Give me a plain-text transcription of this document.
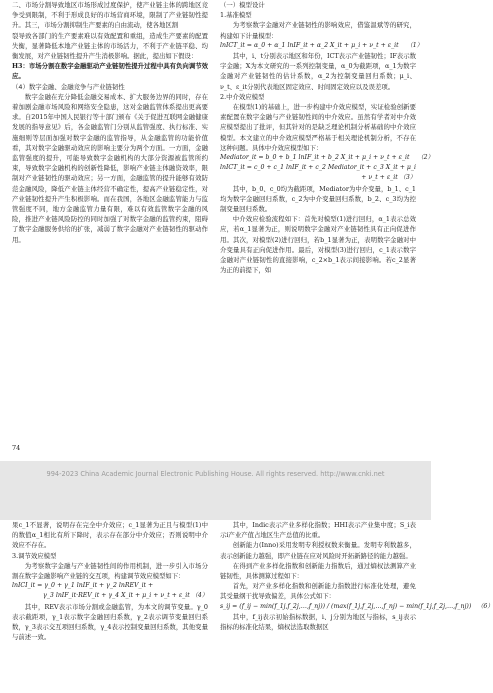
二、市场分割导致地区市场形成过度保护，使产业链主体的跨地区竞争受到限制，不利于形成良好的市场营商环境，限制了产业链韧性提升。其三，市场分割抑制生产要素的自由流动，使各地区割

裂导致各部门的生产要素难以有效配置和重组，造成生产要素的配置失衡，显著降低本地产业链主体的市场活力，不利于产业链平稳、均衡发展，对产业链韧性提升产生消极影响。据此，提出如下假设：

H3：市场分割在数字金融驱动产业链韧性提升过程中具有负向调节效应。

（4）数字金融、金融竞争与产业链韧性

数字金融在充分降低金融交易成本、扩大服务边界的同时，存在着加剧金融市场风险和网络安全隐患，这对金融监管体系提出更高要求。自2015年中国人民银行等十部门颁布《关于促进互联网金融健康发展的指导意见》后，各金融监管门分别从监管强度、执行标准、实施细则等层面加强对数字金融的监管指导，从金融监管的功能价值看，其对数字金融驱动效应的影响主要分为两个方面。一方面，金融监管强度的提升，可能导致数字金融机构的大部分资源被监管所约束，导致数字金融机构的创新性降低，影响产业链主体融资效率，限制对产业链韧性的驱动效应；另一方面，金融监管的提升能够有效防范金融风险，降低产业链主体经营不确定性，提高产业链稳定性，对产业链韧性提升产生积极影响。而在我国，各地区金融监管能力与监管强度不同，地方金融监管力量有限，难以有效监管数字金融的风险，推进产业链风险防控的同时加强了对数字金融的监管约束，阻碍了数字金融服务供给的扩张，减弱了数字金融对产业链韧性的驱动作用。

（一）模型设计

1.基准模型

为考察数字金融对产业链韧性的影响效应，借鉴温斌等的研究，构建如下计量模型：

lnICT_it = α_0 + α_1 lnIF_it + α_2 X_it + μ_i + ν_t + ε_it    （1）

其中，i、t分别表示地区和年份，ICT表示产业链韧性；IF表示数字金融；X为本文研究的一系列控制变量，α_0为截距项，α_1为数字金融对产业链韧性的估计系数，α_2为控制变量回归系数；μ_i、ν_t、ε_it分别代表地区固定效应、时间固定效应以及误差项。

2.中介效应模型

在模型(1)的基础上，进一步构建中介效应模型，实证检验创新要素配置在数字金融与产业链韧性间的中介效应。虽然有学者对中介效应模型提出了批评，但其针对的是缺乏理论机制分析基础的中介效应模型。本文建立的中介效应模型严格基于相关理论机制分析，不存在这种问题。具体中介效应模型如下：

Mediator_it = b_0 + b_1 lnIF_it + b_2 X_it + μ_i + ν_t + ε_it    （2）

lnICT_it = c_0 + c_1 lnIF_it + c_2 Mediator_it + c_3 X_it + μ_i

+ ν_t + ε_it （3）

其中，b_0、c_0均为截距项，Mediator为中介变量，b_1、c_1均为数字金融回归系数，c_2为中介变量回归系数，b_2、c_3均为控制变量回归系数。

中介效应检验流程如下：首先对模型(1)进行回归，α_1表示总效应，若α_1显著为正，则说明数字金融对产业链韧性具有正向促进作用。其次，对模型(2)进行回归，若b_1显著为正，表明数字金融对中介变量具有正向促进作用。最后，对模型(3)进行回归，c_1表示数字金融对产业链韧性的直接影响，c_2×b_1表示间接影响。若c_2显著为正的前提下，如

74
994-2023 China Academic Journal Electronic Publishing House. All rights reserved. http://www.cnki.net

果c_1不显著，说明存在完全中介效应；c_1显著为正且与模型(1)中的数值α_1相比有所下降时，表示存在部分中介效应；否则说明中介效应不存在。

3.调节效应模型

为考察数字金融与产业链韧性间的作用机制，进一步引入市场分割在数字金融影响产业链的交互项，构建调节效应模型如下：

lnICI_it = γ_0 + γ_1 lnIF_it + γ_2 lnREV_it +

γ_3 lnIF_it·REV_it + γ_4 X_it + μ_i + ν_t + ε_it （4）

其中，REV表示市场分割或金融监管，为本文的调节变量。γ_0表示截距项，γ_1表示数字金融回归系数，γ_2表示调节变量回归系数，γ_3表示交互项回归系数，γ_4表示控制变量回归系数，其他变量与前述一致。

其中，Indic表示产业多样化指数；HHI表示产业集中度；S_i表示i产业产值占地区生产总值的比重。

创新能力(Inno)采用发明专利授权数来衡量。发明专利数越多，表示创新能力越强，即产业链在应对风险时开拓新路径的能力越强。

在得到产业多样化指数和创新能力指数后，通过熵权法测算产业链韧性，具体测算过程如下：

首先，对产业多样化指数和创新能力指数进行标准化处理，避免其受量纲干扰导致偏差，具体公式如下：

s_ij = (f_ij − min(f_1j,f_2j,…,f_nj)) / (max(f_1j,f_2j,…,f_nj) − min(f_1j,f_2j,…,f_nj))   （6）

其中，f_ij表示初始指标数据，i、j分别为地区与指标，s_ij表示指标的标准化结果，熵权法选取数据区
